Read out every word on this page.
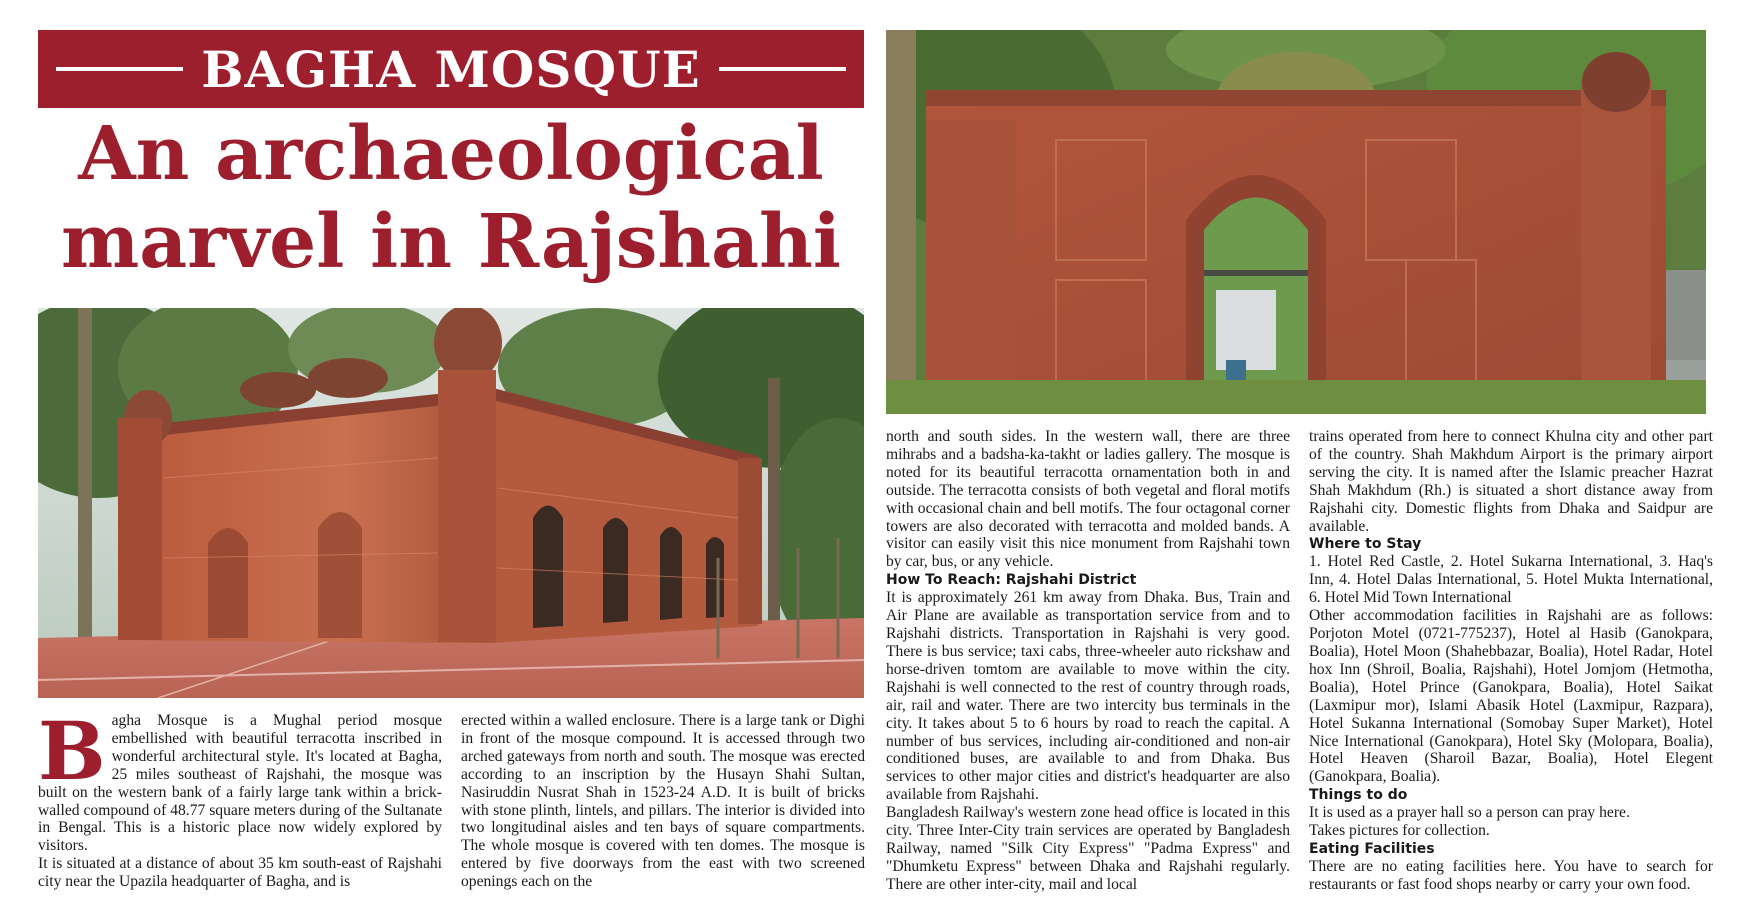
BAGHA MOSQUE
An archaeological marvel in Rajshahi
B agha Mosque is a Mughal period mosque embellished with beautiful terracotta inscribed in wonderful architectural style. It's located at Bagha, 25 miles southeast of Rajshahi, the mosque was built on the western bank of a fairly large tank within a brick-walled compound of 48.77 square meters during of the Sultanate in Bengal. This is a historic place now widely explored by visitors.

It is situated at a distance of about 35 km south-east of Rajshahi city near the Upazila headquarter of Bagha, and is

erected within a walled enclosure. There is a large tank or Dighi in front of the mosque compound. It is accessed through two arched gateways from north and south. The mosque was erected according to an inscription by the Husayn Shahi Sultan, Nasiruddin Nusrat Shah in 1523-24 A.D. It is built of bricks with stone plinth, lintels, and pillars. The interior is divided into two longitudinal aisles and ten bays of square compartments. The whole mosque is covered with ten domes. The mosque is entered by five doorways from the east with two screened openings each on the

north and south sides. In the western wall, there are three mihrabs and a badsha-ka-takht or ladies gallery. The mosque is noted for its beautiful terracotta ornamentation both in and outside. The terracotta consists of both vegetal and floral motifs with occasional chain and bell motifs. The four octagonal corner towers are also decorated with terracotta and molded bands. A visitor can easily visit this nice monument from Rajshahi town by car, bus, or any vehicle.

How To Reach: Rajshahi District

It is approximately 261 km away from Dhaka. Bus, Train and Air Plane are available as transportation service from and to Rajshahi districts. Transportation in Rajshahi is very good. There is bus service; taxi cabs, three-wheeler auto rickshaw and horse-driven tomtom are available to move within the city. Rajshahi is well connected to the rest of country through roads, air, rail and water. There are two intercity bus terminals in the city. It takes about 5 to 6 hours by road to reach the capital. A number of bus services, including air-conditioned and non-air conditioned buses, are available to and from Dhaka. Bus services to other major cities and district's headquarter are also available from Rajshahi.

Bangladesh Railway's western zone head office is located in this city. Three Inter-City train services are operated by Bangladesh Railway, named "Silk City Express" "Padma Express" and "Dhumketu Express" between Dhaka and Rajshahi regularly. There are other inter-city, mail and local

trains operated from here to connect Khulna city and other part of the country. Shah Makhdum Airport is the primary airport serving the city. It is named after the Islamic preacher Hazrat Shah Makhdum (Rh.) is situated a short distance away from Rajshahi city. Domestic flights from Dhaka and Saidpur are available.

Where to Stay

1. Hotel Red Castle, 2. Hotel Sukarna International, 3. Haq's Inn, 4. Hotel Dalas International, 5. Hotel Mukta International, 6. Hotel Mid Town International

Other accommodation facilities in Rajshahi are as follows: Porjoton Motel (0721-775237), Hotel al Hasib (Ganokpara, Boalia), Hotel Moon (Shahebbazar, Boalia), Hotel Radar, Hotel hox Inn (Shroil, Boalia, Rajshahi), Hotel Jomjom (Hetmotha, Boalia), Hotel Prince (Ganokpara, Boalia), Hotel Saikat (Laxmipur mor), Islami Abasik Hotel (Laxmipur, Razpara), Hotel Sukanna International (Somobay Super Market), Hotel Nice International (Ganokpara), Hotel Sky (Molopara, Boalia), Hotel Heaven (Sharoil Bazar, Boalia), Hotel Elegent (Ganokpara, Boalia).

Things to do

It is used as a prayer hall so a person can pray here.

Takes pictures for collection.

Eating Facilities

There are no eating facilities here. You have to search for restaurants or fast food shops nearby or carry your own food.
